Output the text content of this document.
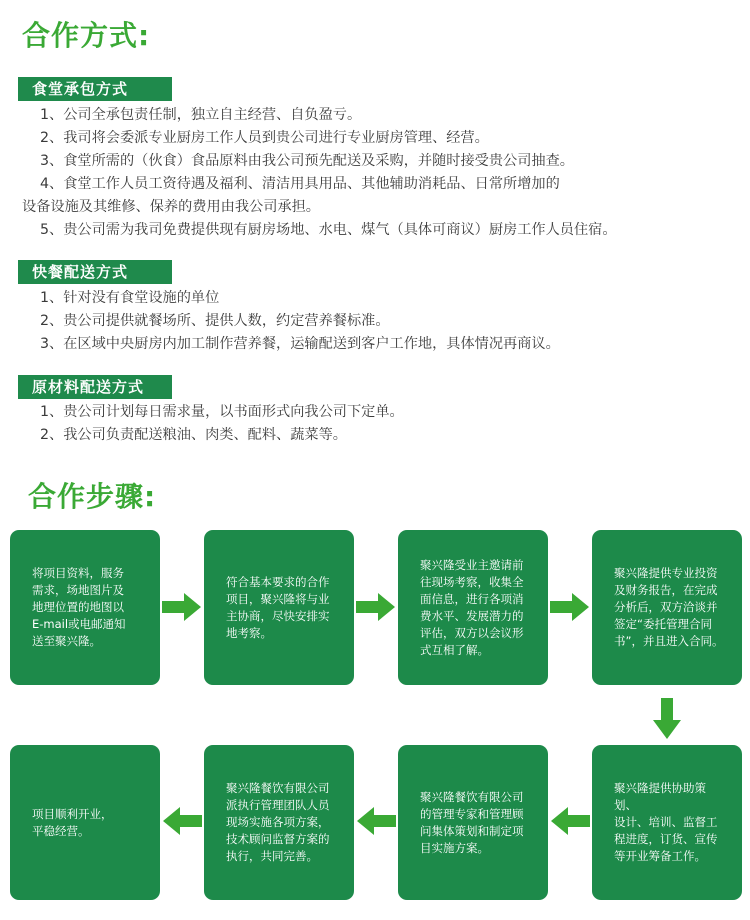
合作方式:
食堂承包方式
1、公司全承包责任制，独立自主经营、自负盈亏。
2、我司将会委派专业厨房工作人员到贵公司进行专业厨房管理、经营。
3、食堂所需的（伙食）食品原料由我公司预先配送及采购，并随时接受贵公司抽查。
4、食堂工作人员工资待遇及福利、清洁用具用品、其他辅助消耗品、日常所增加的
设备设施及其维修、保养的费用由我公司承担。
5、贵公司需为我司免费提供现有厨房场地、水电、煤气（具体可商议）厨房工作人员住宿。
快餐配送方式
1、针对没有食堂设施的单位
2、贵公司提供就餐场所、提供人数，约定营养餐标准。
3、在区域中央厨房内加工制作营养餐，运输配送到客户工作地，具体情况再商议。
原材料配送方式
1、贵公司计划每日需求量，以书面形式向我公司下定单。
2、我公司负责配送粮油、肉类、配料、蔬菜等。
合作步骤:
将项目资料，服务
需求，场地图片及
地理位置的地图以
E-mail或电邮通知
送至聚兴隆。
符合基本要求的合作
项目，聚兴隆将与业
主协商，尽快安排实
地考察。
聚兴隆受业主邀请前
往现场考察，收集全
面信息，进行各项消
费水平、发展潜力的
评估，双方以会议形
式互相了解。
聚兴隆提供专业投资
及财务报告，在完成
分析后，双方洽谈并
签定“委托管理合同
书”，并且进入合同。
聚兴隆提供协助策划、
设计、培训、监督工
程进度，订货、宣传
等开业筹备工作。
聚兴隆餐饮有限公司
的管理专家和管理顾
问集体策划和制定项
目实施方案。
聚兴隆餐饮有限公司
派执行管理团队人员
现场实施各项方案，
技术顾问监督方案的
执行，共同完善。
项目顺利开业，
平稳经营。
